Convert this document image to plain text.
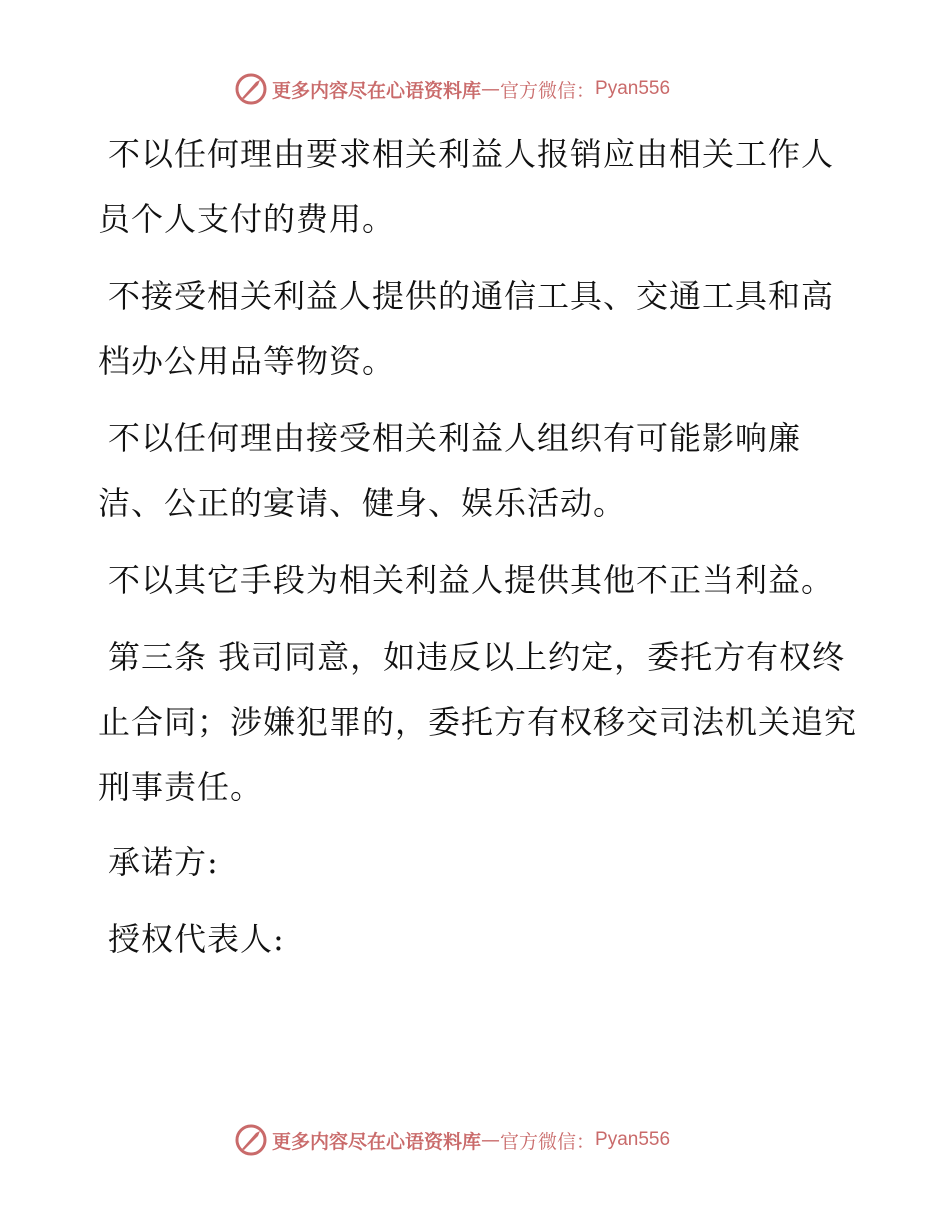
更多内容尽在心语资料库 — 官方微信： Pyan556

不以任何理由要求相关利益人报销应由相关工作人员个人支付的费用。

不接受相关利益人提供的通信工具、交通工具和高档办公用品等物资。

不以任何理由接受相关利益人组织有可能影响廉洁、公正的宴请、健身、娱乐活动。

不以其它手段为相关利益人提供其他不正当利益。

第三条 我司同意，如违反以上约定，委托方有权终止合同；涉嫌犯罪的，委托方有权移交司法机关追究刑事责任。

承诺方:

授权代表人:

更多内容尽在心语资料库 — 官方微信： Pyan556
